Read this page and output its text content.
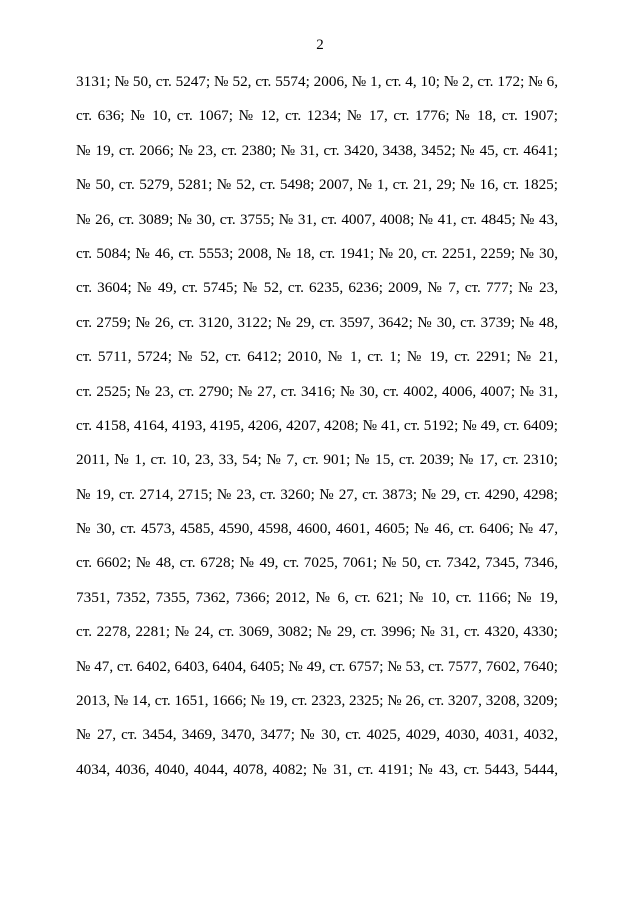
2
3131; № 50, ст. 5247; № 52, ст. 5574; 2006, № 1, ст. 4, 10; № 2, ст. 172; № 6,
ст. 636; № 10, ст. 1067; № 12, ст. 1234; № 17, ст. 1776; № 18, ст. 1907;
№ 19, ст. 2066; № 23, ст. 2380; № 31, ст. 3420, 3438, 3452; № 45, ст. 4641;
№ 50, ст. 5279, 5281; № 52, ст. 5498; 2007, № 1, ст. 21, 29; № 16, ст. 1825;
№ 26, ст. 3089; № 30, ст. 3755; № 31, ст. 4007, 4008; № 41, ст. 4845; № 43,
ст. 5084; № 46, ст. 5553; 2008, № 18, ст. 1941; № 20, ст. 2251, 2259; № 30,
ст. 3604; № 49, ст. 5745; № 52, ст. 6235, 6236; 2009, № 7, ст. 777; № 23,
ст. 2759; № 26, ст. 3120, 3122; № 29, ст. 3597, 3642; № 30, ст. 3739; № 48,
ст. 5711, 5724; № 52, ст. 6412; 2010, № 1, ст. 1; № 19, ст. 2291; № 21,
ст. 2525; № 23, ст. 2790; № 27, ст. 3416; № 30, ст. 4002, 4006, 4007; № 31,
ст. 4158, 4164, 4193, 4195, 4206, 4207, 4208; № 41, ст. 5192; № 49, ст. 6409;
2011, № 1, ст. 10, 23, 33, 54; № 7, ст. 901; № 15, ст. 2039; № 17, ст. 2310;
№ 19, ст. 2714, 2715; № 23, ст. 3260; № 27, ст. 3873; № 29, ст. 4290, 4298;
№ 30, ст. 4573, 4585, 4590, 4598, 4600, 4601, 4605; № 46, ст. 6406; № 47,
ст. 6602; № 48, ст. 6728; № 49, ст. 7025, 7061; № 50, ст. 7342, 7345, 7346,
7351, 7352, 7355, 7362, 7366; 2012, № 6, ст. 621; № 10, ст. 1166; № 19,
ст. 2278, 2281; № 24, ст. 3069, 3082; № 29, ст. 3996; № 31, ст. 4320, 4330;
№ 47, ст. 6402, 6403, 6404, 6405; № 49, ст. 6757; № 53, ст. 7577, 7602, 7640;
2013, № 14, ст. 1651, 1666; № 19, ст. 2323, 2325; № 26, ст. 3207, 3208, 3209;
№ 27, ст. 3454, 3469, 3470, 3477; № 30, ст. 4025, 4029, 4030, 4031, 4032,
4034, 4036, 4040, 4044, 4078, 4082; № 31, ст. 4191; № 43, ст. 5443, 5444,
